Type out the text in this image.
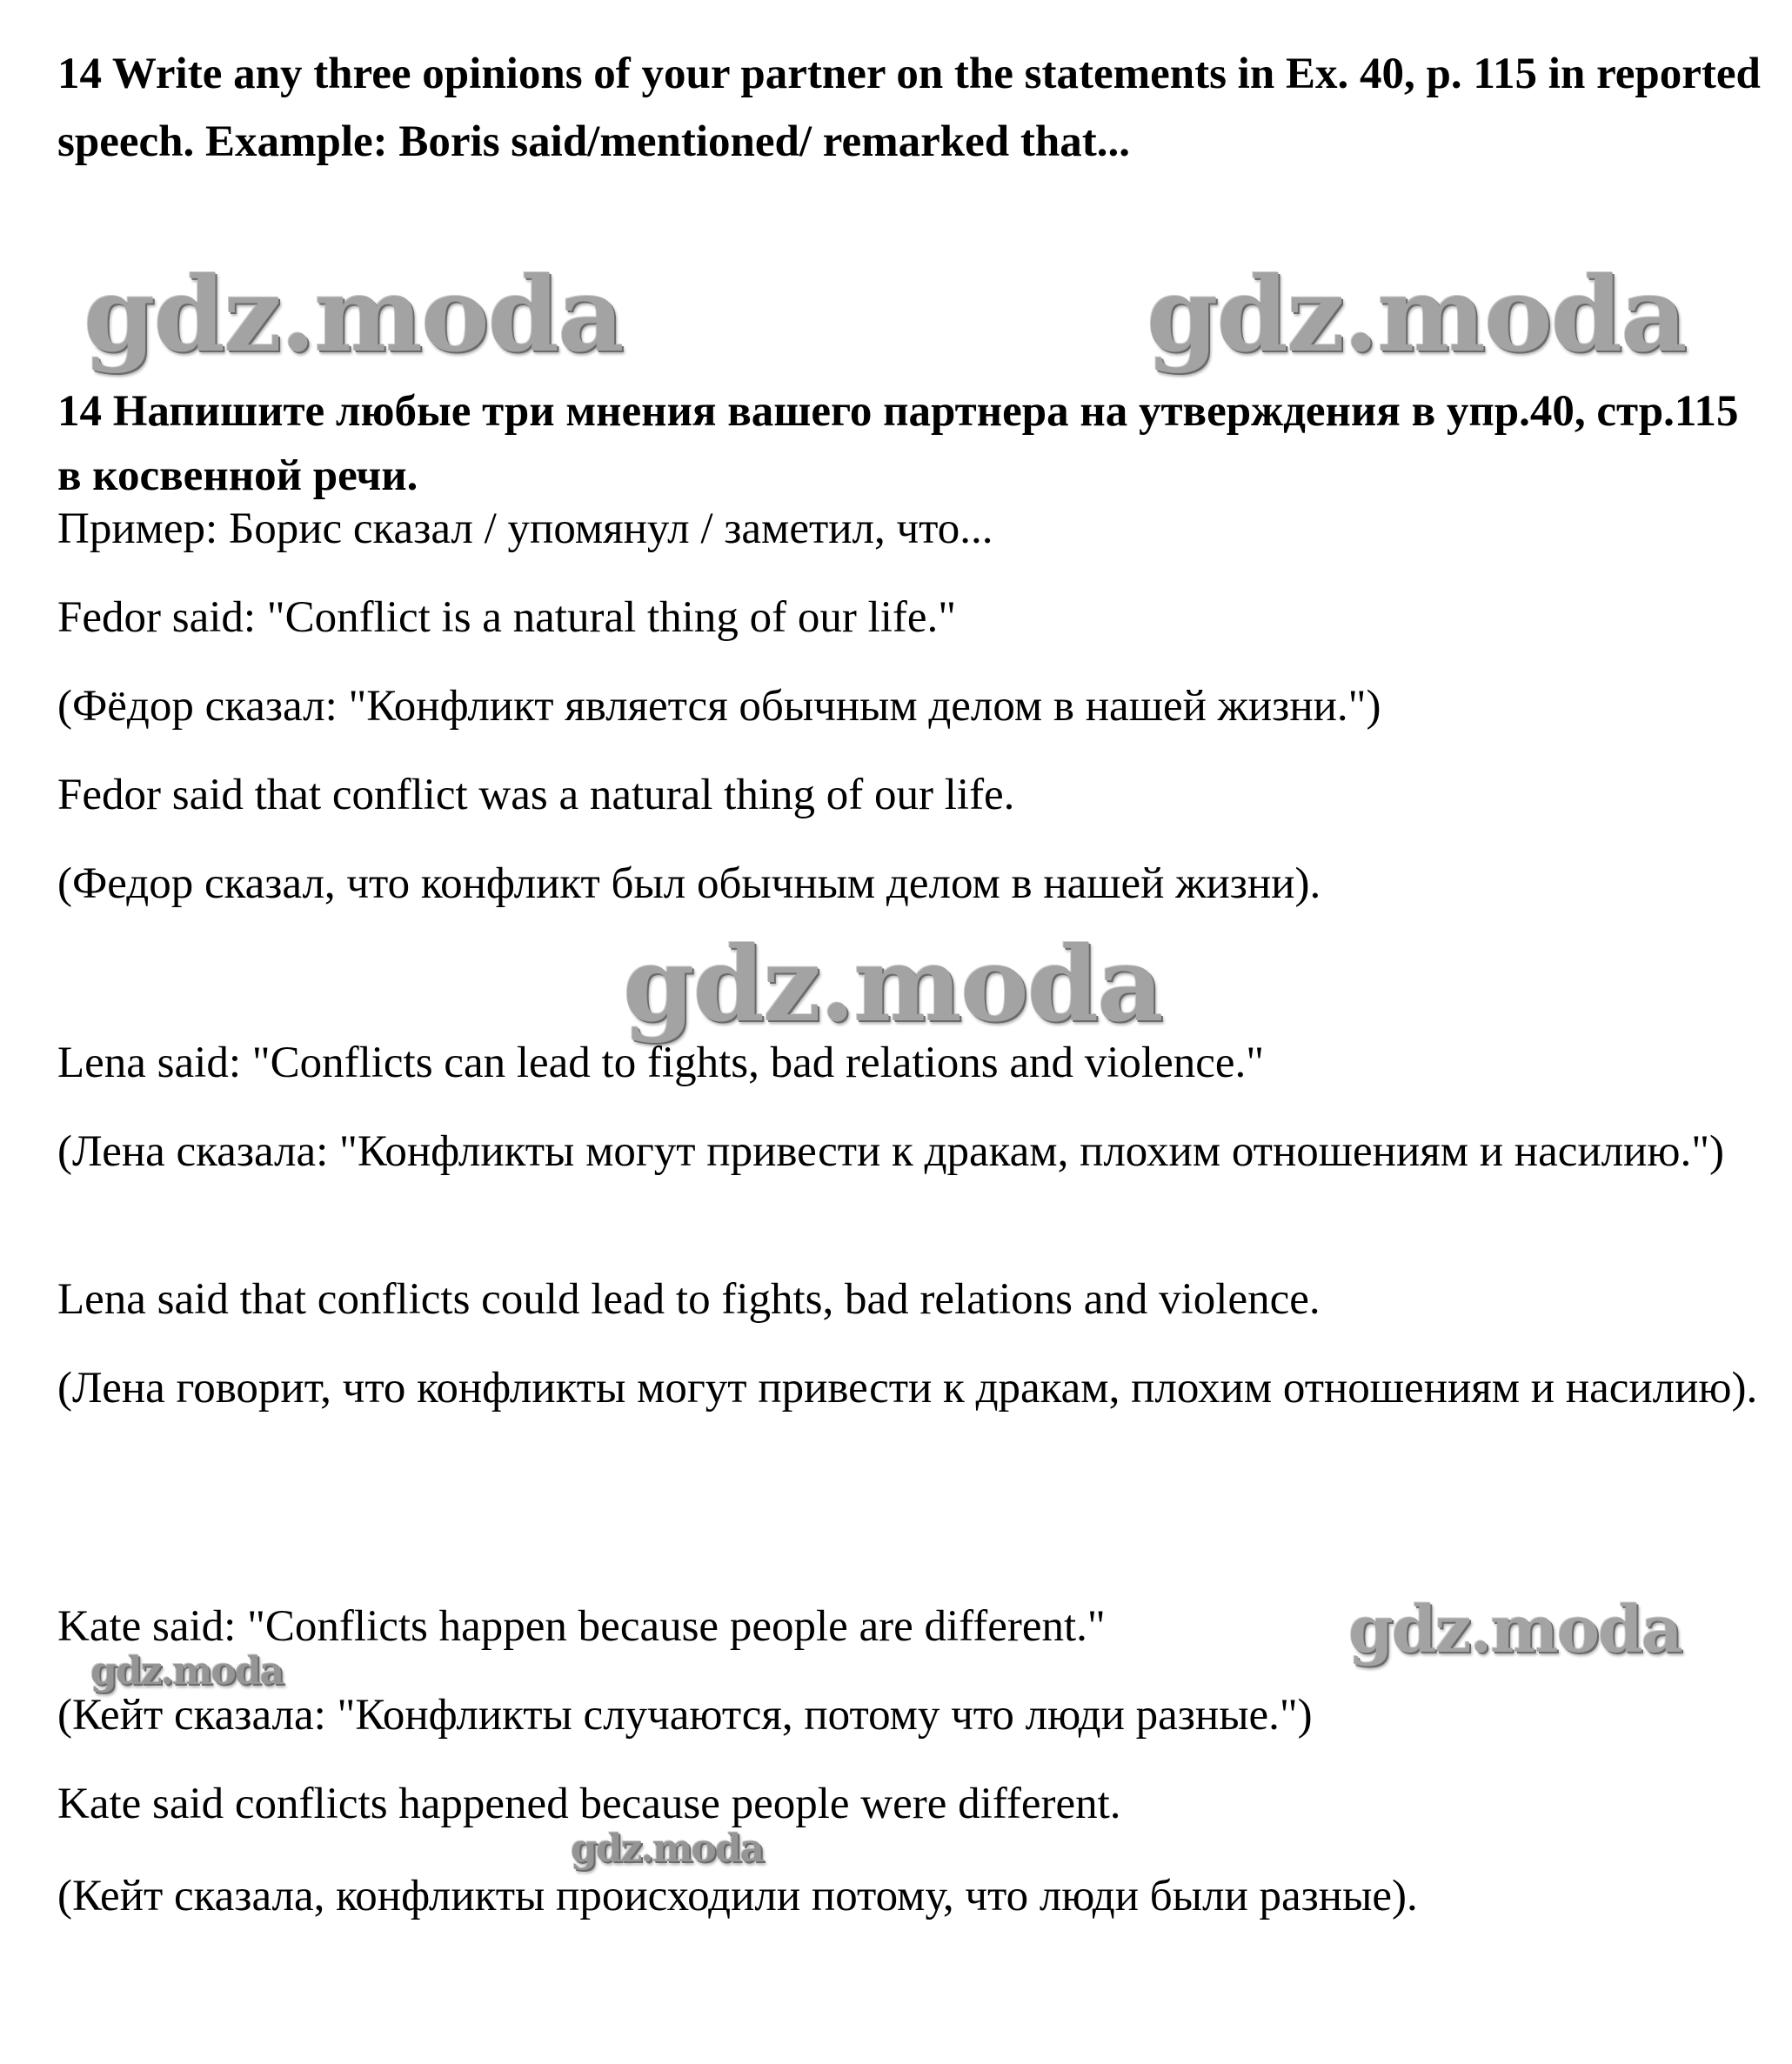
14 Write any three opinions of your partner on the statements in Ex. 40, p. 115 in reported speech. Example: Boris said/mentioned/ remarked that...

gdz.moda	gdz.moda

14 Напишите любые три мнения вашего партнера на утверждения в упр.40, стр.115 в косвенной речи.

Пример: Борис сказал / упомянул / заметил, что...

Fedor said: "Conflict is a natural thing of our life."

(Фёдор сказал: "Конфликт является обычным делом в нашей жизни.")

Fedor said that conflict was a natural thing of our life.

(Федор сказал, что конфликт был обычным делом в нашей жизни).

gdz.moda

Lena said: "Conflicts can lead to fights, bad relations and violence."

(Лена сказала: "Конфликты могут привести к дракам, плохим отношениям и насилию.")

Lena said that conflicts could lead to fights, bad relations and violence.

(Лена говорит, что конфликты могут привести к дракам, плохим отношениям и насилию).

Kate said: "Conflicts happen because people are different."	gdz.moda
gdz.moda

(Кейт сказала: "Конфликты случаются, потому что люди разные.")

Kate said conflicts happened because people were different.

gdz.moda

(Кейт сказала, конфликты происходили потому, что люди были разные).
